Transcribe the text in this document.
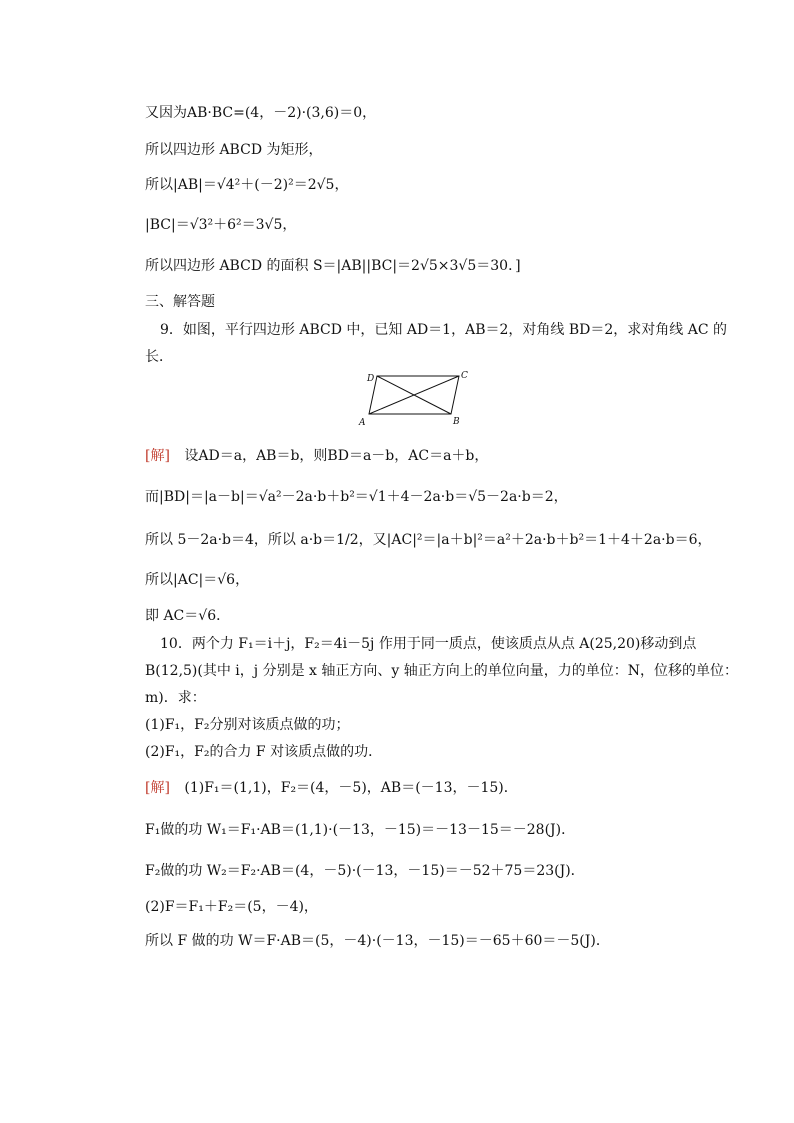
又因为AB·BC=(4，－2)·(3,6)＝0，
所以四边形 ABCD 为矩形，
所以|AB|＝√4²＋(－2)²＝2√5，
|BC|＝√3²＋6²＝3√5，
所以四边形 ABCD 的面积 S＝|AB||BC|＝2√5×3√5＝30．]
三、解答题
9．如图，平行四边形 ABCD 中，已知 AD＝1，AB＝2，对角线 BD＝2，求对角线 AC 的
长．
A	B
C
D
[解] 设AD＝a，AB＝b，则BD＝a－b，AC＝a＋b，
而|BD|＝|a－b|＝√a²－2a·b＋b²＝√1＋4－2a·b＝√5－2a·b＝2，
所以 5－2a·b＝4，所以 a·b＝1/2，又|AC|²＝|a＋b|²＝a²＋2a·b＋b²＝1＋4＋2a·b＝6，
所以|AC|＝√6，
即 AC＝√6．
10．两个力 F₁＝i＋j，F₂＝4i－5j 作用于同一质点，使该质点从点 A(25,20)移动到点
B(12,5)(其中 i，j 分别是 x 轴正方向、y 轴正方向上的单位向量，力的单位：N，位移的单位：
m)．求：
(1)F₁，F₂分别对该质点做的功；
(2)F₁，F₂的合力 F 对该质点做的功．
[解] (1)F₁＝(1,1)，F₂＝(4，－5)，AB＝(－13，－15)．
F₁做的功 W₁＝F₁·AB＝(1,1)·(－13，－15)＝－13－15＝－28(J)．
F₂做的功 W₂＝F₂·AB＝(4，－5)·(－13，－15)＝－52＋75＝23(J)．
(2)F＝F₁＋F₂＝(5，－4)，
所以 F 做的功 W＝F·AB＝(5，－4)·(－13，－15)＝－65＋60＝－5(J)．
